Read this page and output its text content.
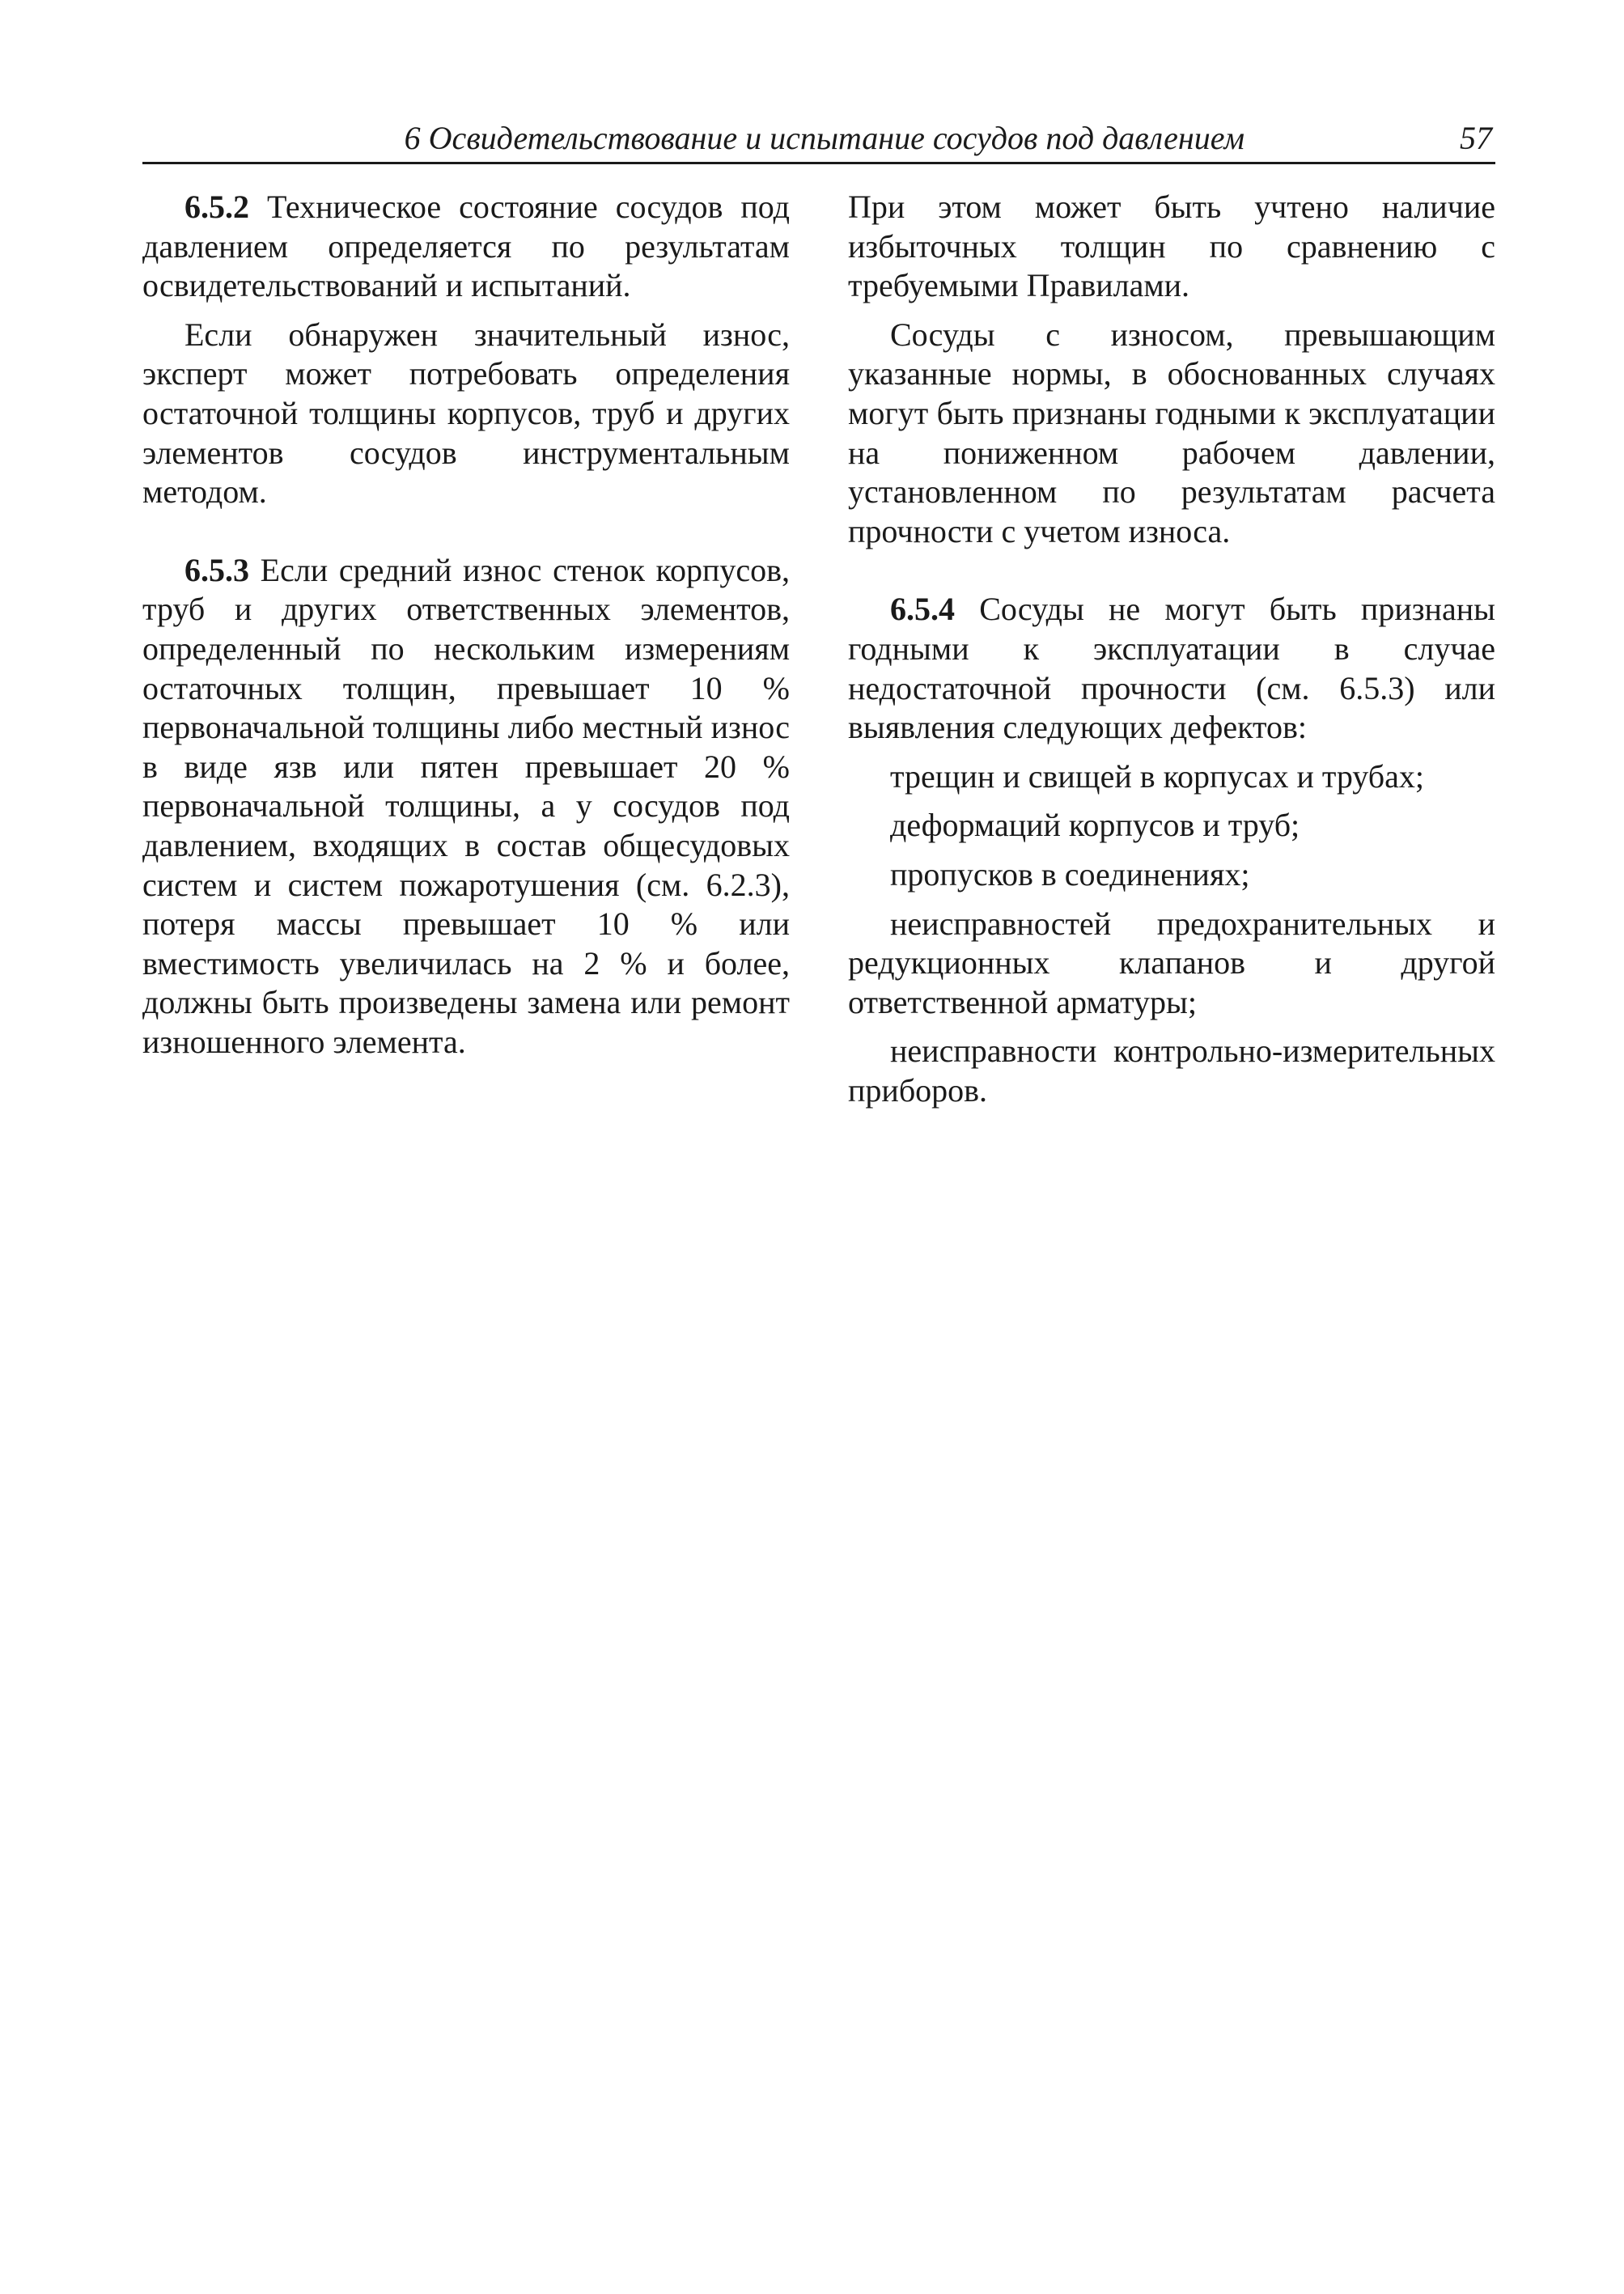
6 Освидетельствование и испытание сосудов под давлением	57

6.5.2 Техническое состояние сосудов под давлением определяется по результатам освидетельствований и испытаний.

Если обнаружен значительный износ, эксперт может потребовать определения остаточной толщины корпусов, труб и других элементов сосудов инструментальным методом.

6.5.3 Если средний износ стенок корпусов, труб и других ответственных элементов, определенный по нескольким измерениям остаточных толщин, превышает 10 % первоначальной толщины либо местный износ в виде язв или пятен превышает 20 % первоначальной толщины, а у сосудов под давлением, входящих в состав общесудовых систем и систем пожаротушения (см. 6.2.3), потеря массы превышает 10 % или вместимость увеличилась на 2 % и более, должны быть произведены замена или ремонт изношенного элемента.

При этом может быть учтено наличие избыточных толщин по сравнению с требуемыми Правилами.

Сосуды с износом, превышающим указанные нормы, в обоснованных случаях могут быть признаны годными к эксплуатации на пониженном рабочем давлении, установленном по результатам расчета прочности с учетом износа.

6.5.4 Сосуды не могут быть признаны годными к эксплуатации в случае недостаточной прочности (см. 6.5.3) или выявления следующих дефектов:

трещин и свищей в корпусах и трубах;

деформаций корпусов и труб;

пропусков в соединениях;

неисправностей предохранительных и редукционных клапанов и другой ответственной арматуры;

неисправности контрольно-измерительных приборов.
